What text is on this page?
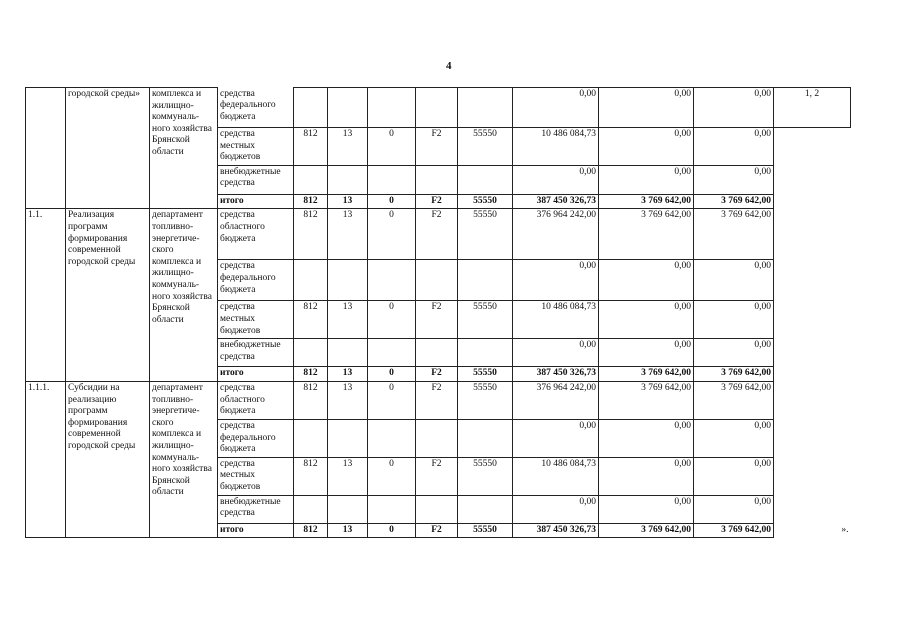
4
	городской среды»	комплекса и жилищно-коммуналь-ного хозяйства Брянской области	средства федерального бюджета						0,00	0,00	0,00	1, 2
			средства местных бюджетов	812	13	0	F2	55550	10 486 084,73	0,00	0,00	
			внебюджетные средства						0,00	0,00	0,00	
			итого	812	13	0	F2	55550	387 450 326,73	3 769 642,00	3 769 642,00	
1.1.	Реализация программ формирования современной городской среды	департамент топливно-энергетиче-ского комплекса и жилищно-коммуналь-ного хозяйства Брянской области	средства областного бюджета	812	13	0	F2	55550	376 964 242,00	3 769 642,00	3 769 642,00	
			средства федерального бюджета						0,00	0,00	0,00	
			средства местных бюджетов	812	13	0	F2	55550	10 486 084,73	0,00	0,00	
			внебюджетные средства						0,00	0,00	0,00	
			итого	812	13	0	F2	55550	387 450 326,73	3 769 642,00	3 769 642,00	
1.1.1.	Субсидии на реализацию программ формирования современной городской среды	департамент топливно-энергетиче-ского комплекса и жилищно-коммуналь-ного хозяйства Брянской области	средства областного бюджета	812	13	0	F2	55550	376 964 242,00	3 769 642,00	3 769 642,00	».
			средства федерального бюджета						0,00	0,00	0,00	
			средства местных бюджетов	812	13	0	F2	55550	10 486 084,73	0,00	0,00	
			внебюджетные средства						0,00	0,00	0,00	
			итого	812	13	0	F2	55550	387 450 326,73	3 769 642,00	3 769 642,00	
